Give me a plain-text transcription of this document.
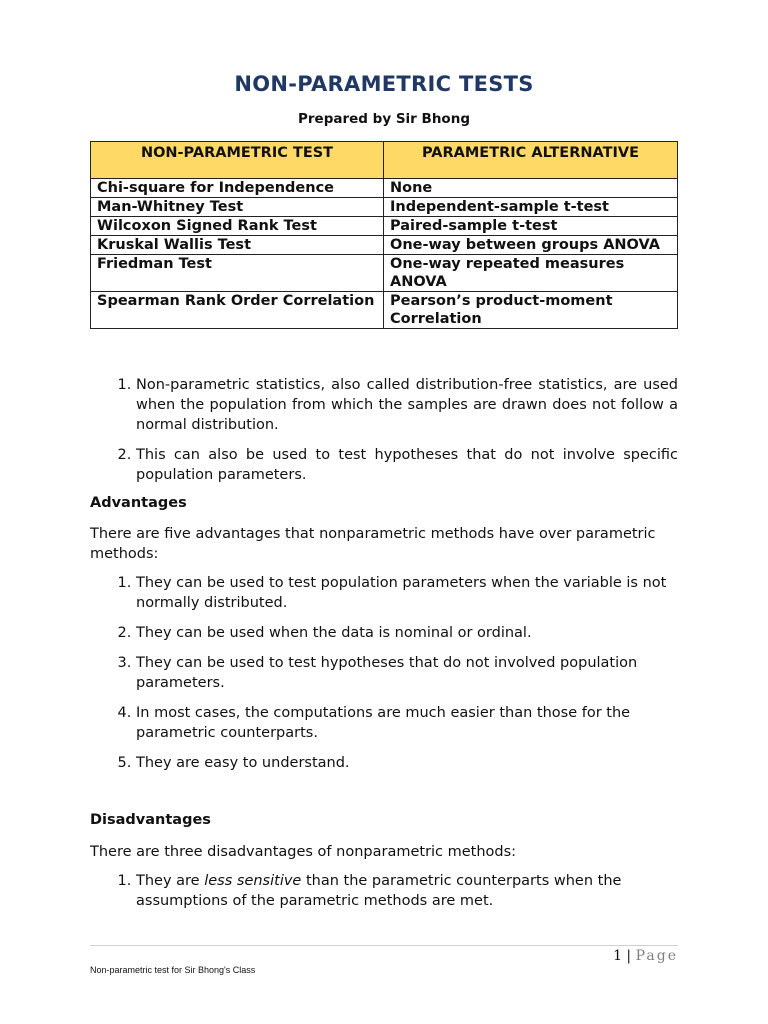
NON-PARAMETRIC TESTS
Prepared by Sir Bhong
NON-PARAMETRIC TEST	PARAMETRIC ALTERNATIVE
Chi-square for Independence	None
Man-Whitney Test	Independent-sample t-test
Wilcoxon Signed Rank Test	Paired-sample t-test
Kruskal Wallis Test	One-way between groups ANOVA
Friedman Test	One-way repeated measures ANOVA
Spearman Rank Order Correlation	Pearson’s product-moment Correlation
1. Non-parametric statistics, also called distribution-free statistics, are used when the population from which the samples are drawn does not follow a normal distribution.
2. This can also be used to test hypotheses that do not involve specific population parameters.
Advantages
There are five advantages that nonparametric methods have over parametric methods:
1. They can be used to test population parameters when the variable is not normally distributed.
2. They can be used when the data is nominal or ordinal.
3. They can be used to test hypotheses that do not involved population parameters.
4. In most cases, the computations are much easier than those for the parametric counterparts.
5. They are easy to understand.
Disadvantages
There are three disadvantages of nonparametric methods:
1. They are less sensitive than the parametric counterparts when the assumptions of the parametric methods are met.
1 | Page
Non-parametric test for Sir Bhong's Class
